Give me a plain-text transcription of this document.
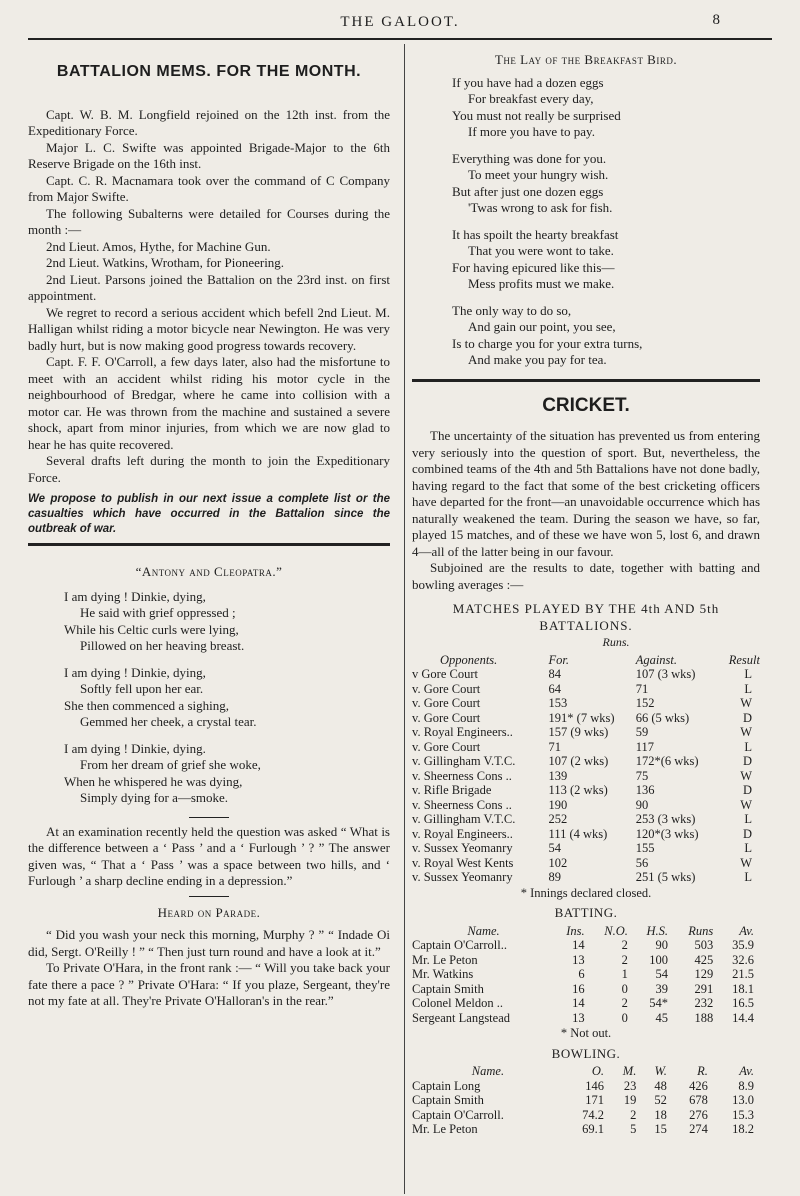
THE GALOOT.	8
BATTALION MEMS. FOR THE MONTH.

Capt. W. B. M. Longfield rejoined on the 12th inst. from the Expeditionary Force.

Major L. C. Swifte was appointed Brigade-Major to the 6th Reserve Brigade on the 16th inst.

Capt. C. R. Macnamara took over the command of C Company from Major Swifte.

The following Subalterns were detailed for Courses during the month :—

2nd Lieut. Amos, Hythe, for Machine Gun.

2nd Lieut. Watkins, Wrotham, for Pioneering.

2nd Lieut. Parsons joined the Battalion on the 23rd inst. on first appointment.

We regret to record a serious accident which befell 2nd Lieut. M. Halligan whilst riding a motor bicycle near Newington. He was very badly hurt, but is now making good progress towards recovery.

Capt. F. F. O'Carroll, a few days later, also had the misfortune to meet with an accident whilst riding his motor cycle in the neighbourhood of Bredgar, where he came into collision with a motor car. He was thrown from the machine and sustained a severe shock, apart from minor injuries, from which we are now glad to hear he has quite recovered.

Several drafts left during the month to join the Expeditionary Force.

We propose to publish in our next issue a complete list or the casualties which have occurred in the Battalion since the outbreak of war.
“Antony and Cleopatra.”
I am dying ! Dinkie, dying,
He said with grief oppressed ;
While his Celtic curls were lying,
Pillowed on her heaving breast.
I am dying ! Dinkie, dying,
Softly fell upon her ear.
She then commenced a sighing,
Gemmed her cheek, a crystal tear.
I am dying ! Dinkie, dying.
From her dream of grief she woke,
When he whispered he was dying,
Simply dying for a—smoke.

At an examination recently held the question was asked “ What is the difference between a ‘ Pass ’ and a ‘ Furlough ’ ? ” The answer given was, “ That a ‘ Pass ’ was a space between two hills, and ‘ Furlough ’ a sharp decline ending in a depression.”

Heard on Parade.

“ Did you wash your neck this morning, Murphy ? ” “ Indade Oi did, Sergt. O'Reilly ! ” “ Then just turn round and have a look at it.”

To Private O'Hara, in the front rank :— “ Will you take back your fate there a pace ? ” Private O'Hara: “ If you plaze, Sergeant, they're not my fate at all. They're Private O'Halloran's in the rear.”

The Lay of the Breakfast Bird.
If you have had a dozen eggs
For breakfast every day,
You must not really be surprised
If more you have to pay.
Everything was done for you.
To meet your hungry wish.
But after just one dozen eggs
'Twas wrong to ask for fish.
It has spoilt the hearty breakfast
That you were wont to take.
For having epicured like this—
Mess profits must we make.
The only way to do so,
And gain our point, you see,
Is to charge you for your extra turns,
And make you pay for tea.
CRICKET.

The uncertainty of the situation has prevented us from entering very seriously into the question of sport. But, nevertheless, the combined teams of the 4th and 5th Battalions have not done badly, having regard to the fact that some of the best cricketing officers have departed for the front—an unavoidable occurrence which has naturally weakened the team. During the season we have, so far, played 15 matches, and of these we have won 5, lost 6, and drawn 4—all of the latter being in our favour.

Subjoined are the results to date, together with batting and bowling averages :—

MATCHES PLAYED BY THE 4th AND 5th BATTALIONS.
Runs.
Opponents.	For.	Against.	Result
v Gore Court	84	107 (3 wks)	L
v. Gore Court	64	71	L
v. Gore Court	153	152	W
v. Gore Court	191* (7 wks)	66 (5 wks)	D
v. Royal Engineers..	157 (9 wks)	59	W
v. Gore Court	71	117	L
v. Gillingham V.T.C.	107 (2 wks)	172*(6 wks)	D
v. Sheerness Cons ..	139	75	W
v. Rifle Brigade	113 (2 wks)	136	D
v. Sheerness Cons ..	190	90	W
v. Gillingham V.T.C.	252	253 (3 wks)	L
v. Royal Engineers..	111 (4 wks)	120*(3 wks)	D
v. Sussex Yeomanry	54	155	L
v. Royal West Kents	102	56	W
v. Sussex Yeomanry	89	251 (5 wks)	L
* Innings declared closed.
BATTING.
Name.	Ins.	N.O.	H.S.	Runs	Av.
Captain O'Carroll..	14	2	90	503	35.9
Mr. Le Peton	13	2	100	425	32.6
Mr. Watkins	6	1	54	129	21.5
Captain Smith	16	0	39	291	18.1
Colonel Meldon ..	14	2	54*	232	16.5
Sergeant Langstead	13	0	45	188	14.4
* Not out.
BOWLING.
Name.	O.	M.	W.	R.	Av.
Captain Long	146	23	48	426	8.9
Captain Smith	171	19	52	678	13.0
Captain O'Carroll.	74.2	2	18	276	15.3
Mr. Le Peton	69.1	5	15	274	18.2
